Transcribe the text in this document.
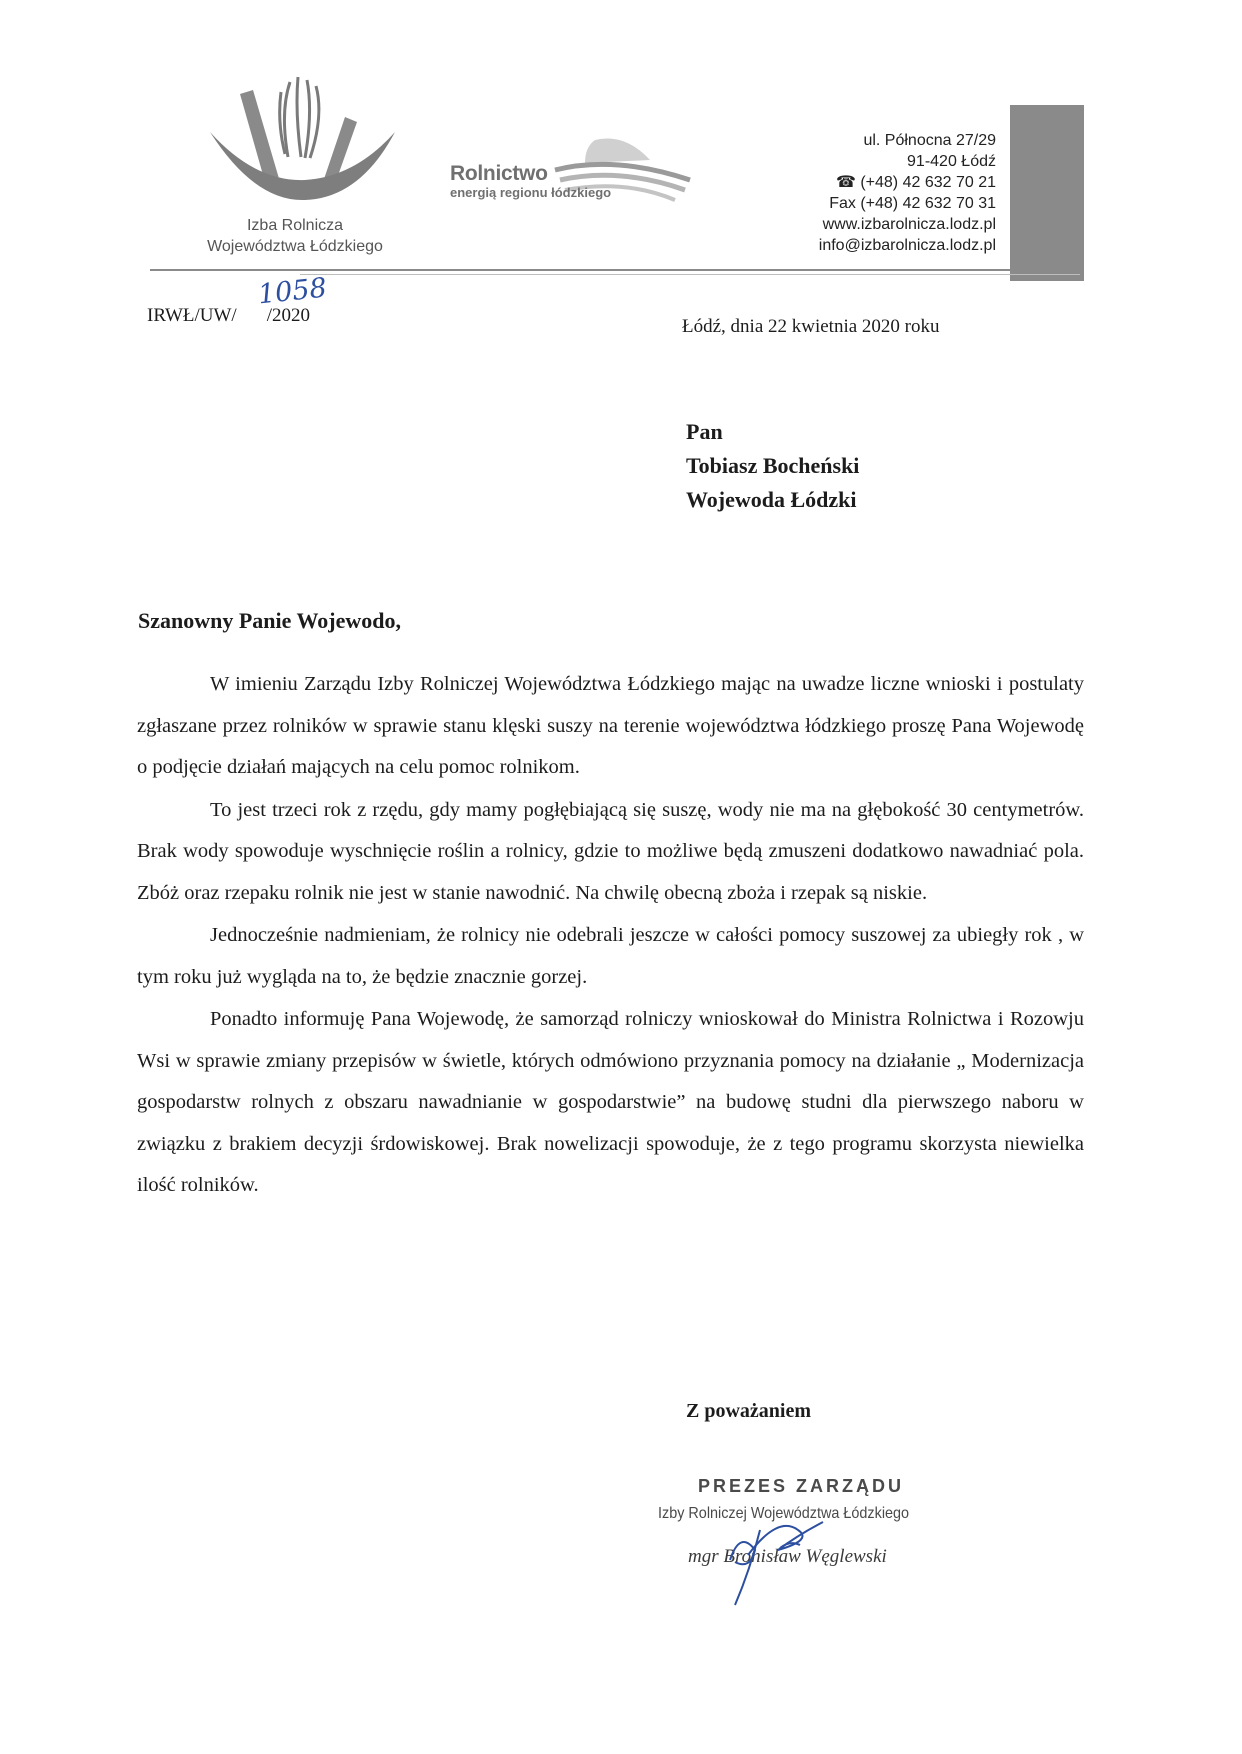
Izba Rolnicza
Województwa Łódzkiego
Rolnictwo
energią regionu łódzkiego
ul. Północna 27/29
91-420 Łódź
☎ (+48) 42 632 70 21
Fax (+48) 42 632 70 31
www.izbarolnicza.lodz.pl
info@izbarolnicza.lodz.pl
IRWŁ/UW/ /2020
1058
Łódź, dnia 22 kwietnia 2020 roku
Pan
Tobiasz Bocheński
Wojewoda Łódzki
Szanowny Panie Wojewodo,

W imieniu Zarządu Izby Rolniczej Województwa Łódzkiego mając na uwadze liczne wnioski i postulaty zgłaszane przez rolników w sprawie stanu klęski suszy na terenie województwa łódzkiego proszę Pana Wojewodę o podjęcie działań mających na celu pomoc rolnikom.

To jest trzeci rok z rzędu, gdy mamy pogłębiającą się suszę, wody nie ma na głębokość 30 centymetrów. Brak wody spowoduje wyschnięcie roślin a rolnicy, gdzie to możliwe będą zmuszeni dodatkowo nawadniać pola. Zbóż oraz rzepaku rolnik nie jest w stanie nawodnić. Na chwilę obecną zboża i rzepak są niskie.

Jednocześnie nadmieniam, że rolnicy nie odebrali jeszcze w całości pomocy suszowej za ubiegły rok , w tym roku już wygląda na to, że będzie znacznie gorzej.

Ponadto informuję Pana Wojewodę, że samorząd rolniczy wnioskował do Ministra Rolnictwa i Rozowju Wsi w sprawie zmiany przepisów w świetle, których odmówiono przyznania pomocy na działanie „ Modernizacja gospodarstw rolnych z obszaru nawadnianie w gospodarstwie” na budowę studni dla pierwszego naboru w związku z brakiem decyzji śrdowiskowej. Brak nowelizacji spowoduje, że z tego programu skorzysta niewielka ilość rolników.

Z poważaniem
PREZES ZARZĄDU
Izby Rolniczej Województwa Łódzkiego
mgr Bronisław Węglewski
